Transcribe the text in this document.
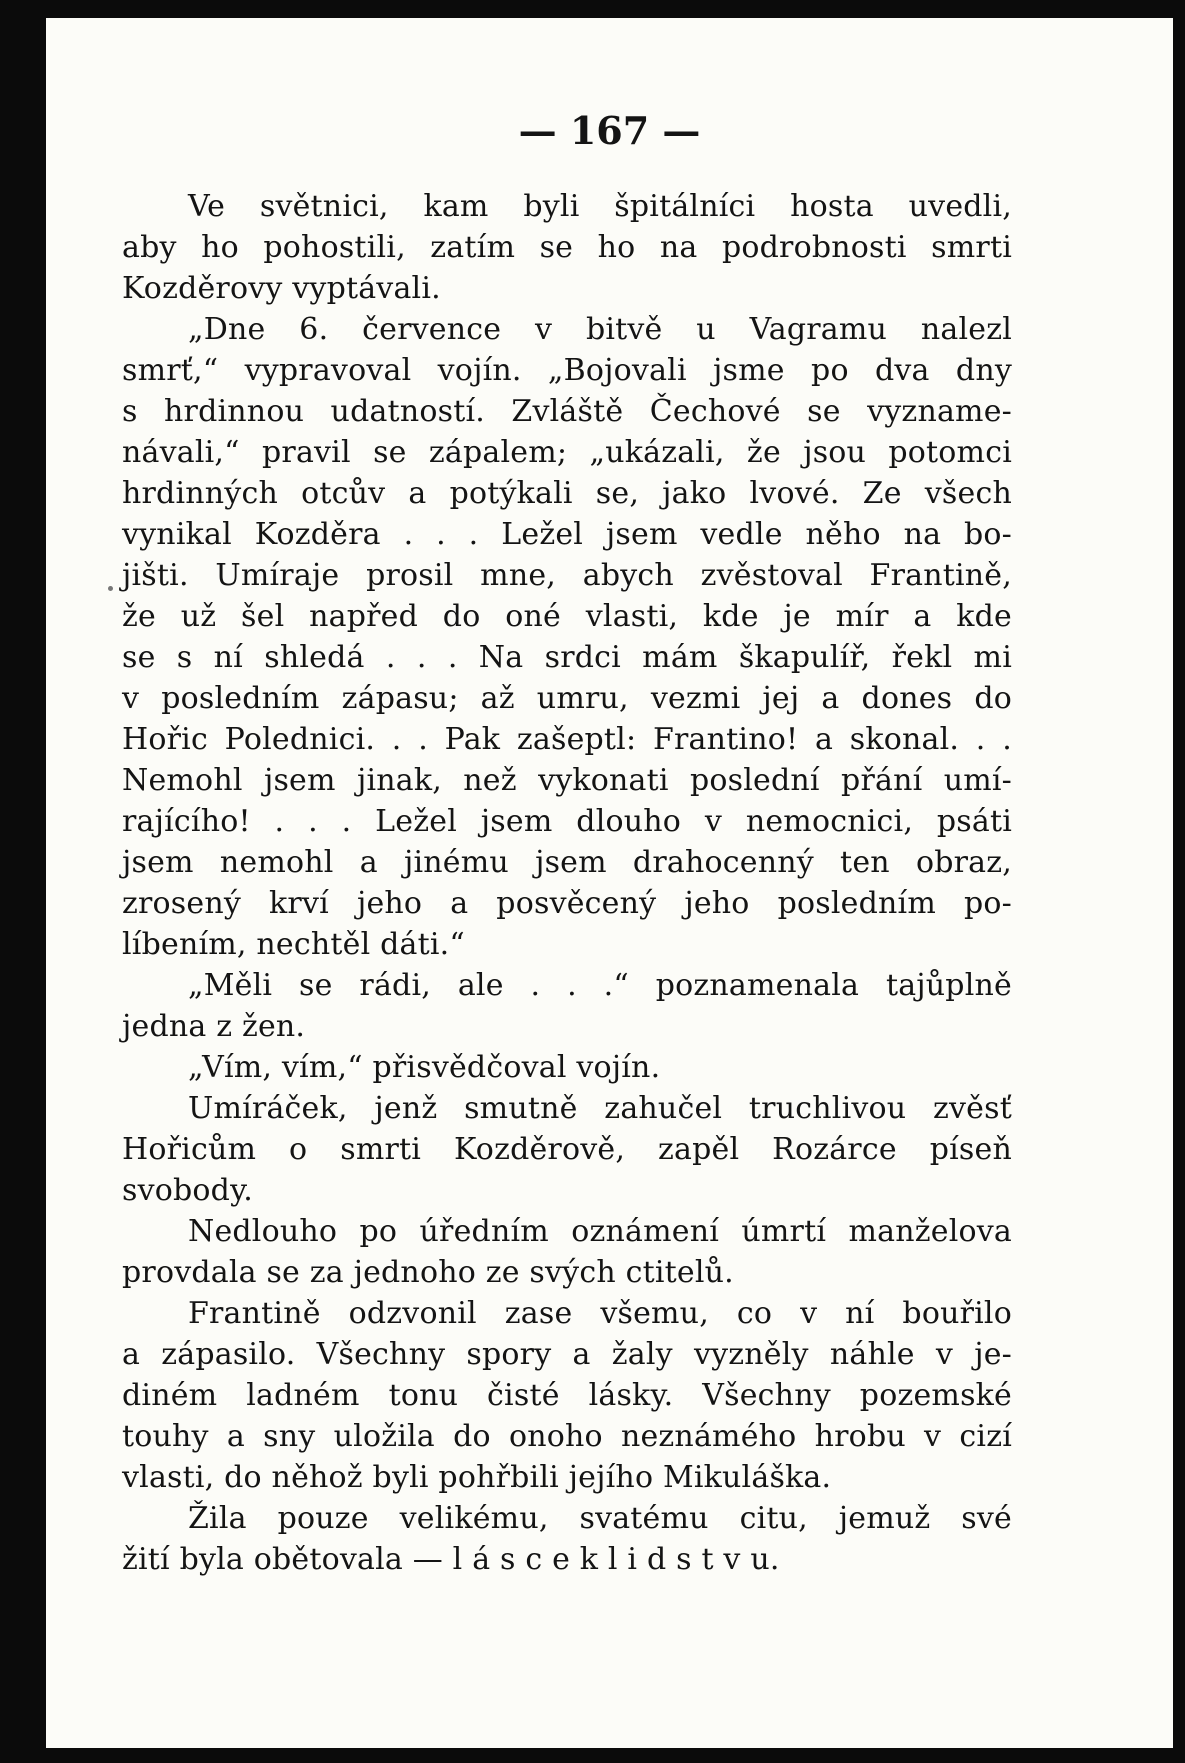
— 167 —

Ve světnici, kam byli špitálníci hosta uvedli,
aby ho pohostili, zatím se ho na podrobnosti smrti
Kozděrovy vyptávali.
„Dne 6. července v bitvě u Vagramu nalezl
smrť,“ vypravoval vojín. „Bojovali jsme po dva dny
s hrdinnou udatností. Zvláště Čechové se vyzname-
návali,“ pravil se zápalem; „ukázali, že jsou potomci
hrdinných otcův a potýkali se, jako lvové. Ze všech
vynikal Kozděra . . . Ležel jsem vedle něho na bo-
jišti. Umíraje prosil mne, abych zvěstoval Frantině,
že už šel napřed do oné vlasti, kde je mír a kde
se s ní shledá . . . Na srdci mám škapulíř, řekl mi
v posledním zápasu; až umru, vezmi jej a dones do
Hořic Polednici. . . Pak zašeptl: Frantino! a skonal. . .
Nemohl jsem jinak, než vykonati poslední přání umí-
rajícího! . . . Ležel jsem dlouho v nemocnici, psáti
jsem nemohl a jinému jsem drahocenný ten obraz,
zrosený krví jeho a posvěcený jeho posledním po-
líbením, nechtěl dáti.“
„Měli se rádi, ale . . .“ poznamenala tajůplně
jedna z žen.
„Vím, vím,“ přisvědčoval vojín.
Umíráček, jenž smutně zahučel truchlivou zvěsť
Hořicům o smrti Kozděrově, zapěl Rozárce píseň
svobody.
Nedlouho po úředním oznámení úmrtí manželova
provdala se za jednoho ze svých ctitelů.
Frantině odzvonil zase všemu, co v ní bouřilo
a zápasilo. Všechny spory a žaly vyzněly náhle v je-
diném ladném tonu čisté lásky. Všechny pozemské
touhy a sny uložila do onoho neznámého hrobu v cizí
vlasti, do něhož byli pohřbili jejího Mikuláška.
Žila pouze velikému, svatému citu, jemuž své
žití byla obětovala — l á s c e k l i d s t v u.
